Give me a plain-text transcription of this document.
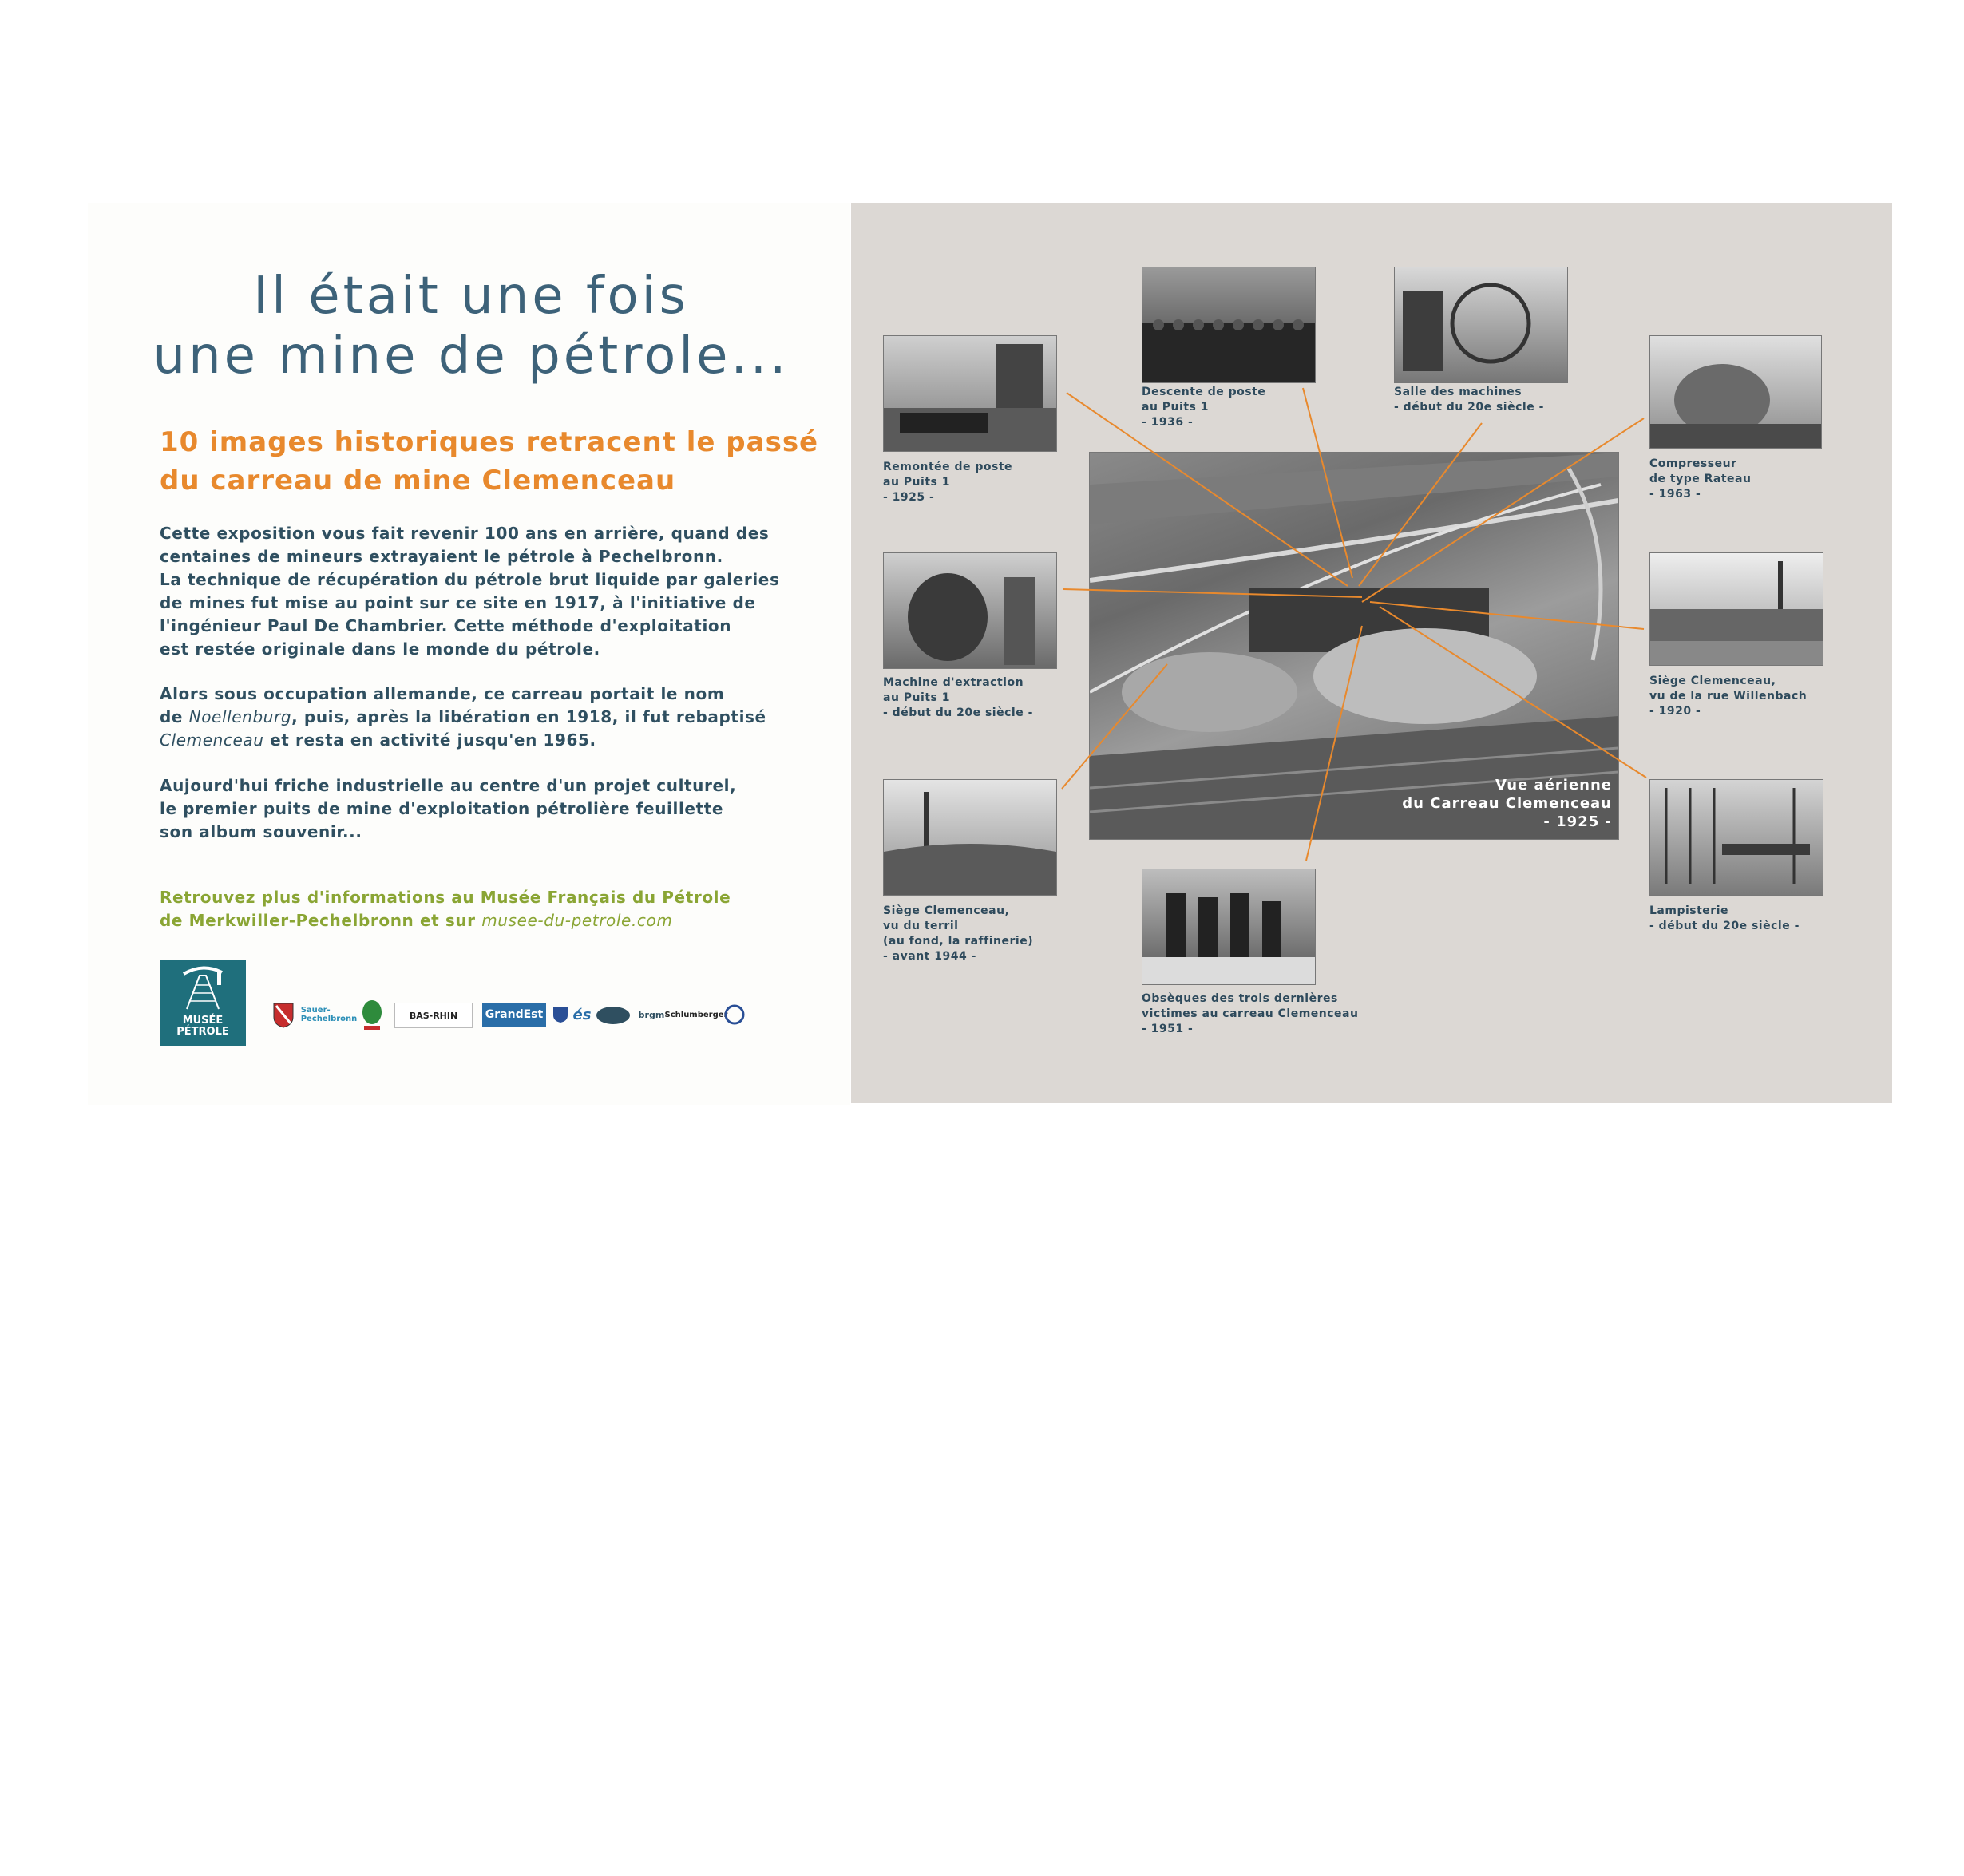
Il était une fois
une mine de pétrole...
10 images historiques retracent le passé
du carreau de mine Clemenceau
Cette exposition vous fait revenir 100 ans en arrière, quand des
centaines de mineurs extrayaient le pétrole à Pechelbronn.
La technique de récupération du pétrole brut liquide par galeries
de mines fut mise au point sur ce site en 1917, à l'initiative de
l'ingénieur Paul De Chambrier. Cette méthode d'exploitation
est restée originale dans le monde du pétrole.
Alors sous occupation allemande, ce carreau portait le nom
de Noellenburg, puis, après la libération en 1918, il fut rebaptisé
Clemenceau et resta en activité jusqu'en 1965.
Aujourd'hui friche industrielle au centre d'un projet culturel,
le premier puits de mine d'exploitation pétrolière feuillette
son album souvenir...
Retrouvez plus d'informations au Musée Français du Pétrole
de Merkwiller-Pechelbronn et sur musee-du-petrole.com
MUSÉE
PÉTROLE
Sauer-Pechelbronn	BAS-RHIN	GrandEst és	brgm Schlumberger
Vue aérienne
du Carreau Clemenceau
- 1925 -
Remontée de poste
au Puits 1
- 1925 -
Descente de poste
au Puits 1
- 1936 -
Salle des machines
- début du 20e siècle -
Compresseur
de type Rateau
- 1963 -
Machine d'extraction
au Puits 1
- début du 20e siècle -
Siège Clemenceau,
vu de la rue Willenbach
- 1920 -
Siège Clemenceau,
vu du terril
(au fond, la raffinerie)
- avant 1944 -
Obsèques des trois dernières
victimes au carreau Clemenceau
- 1951 -
Lampisterie
- début du 20e siècle -
